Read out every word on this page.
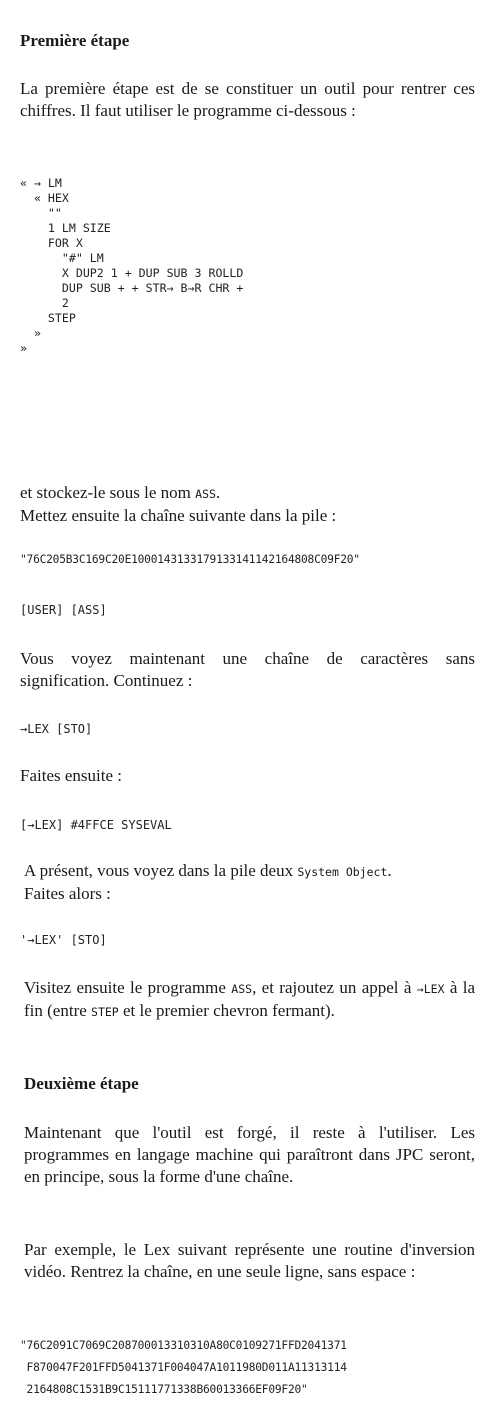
Première étape

La première étape est de se constituer un outil pour rentrer ces chiffres. Il faut utiliser le programme ci-dessous :

« → LM
« HEX
""
1 LM SIZE
FOR X
"#" LM
X DUP2 1 + DUP SUB 3 ROLLD
DUP SUB + + STR→ B→R CHR +
2
STEP
»
»

et stockez-le sous le nom ASS.
Mettez ensuite la chaîne suivante dans la pile :

"76C205B3C169C20E1000143133179133141142164808C09F20"
[USER] [ASS]

Vous voyez maintenant une chaîne de caractères sans signification. Continuez :

→LEX [STO]

Faites ensuite :

[→LEX] #4FFCE SYSEVAL

A présent, vous voyez dans la pile deux System Object.
Faites alors :

'→LEX' [STO]

Visitez ensuite le programme ASS, et rajoutez un appel à →LEX à la fin (entre STEP et le premier chevron fermant).

Deuxième étape

Maintenant que l'outil est forgé, il reste à l'utiliser. Les programmes en langage machine qui paraîtront dans JPC seront, en principe, sous la forme d'une chaîne.

Par exemple, le Lex suivant représente une routine d'inversion vidéo. Rentrez la chaîne, en une seule ligne, sans espace :

"76C2091C7069C208700013310310A80C0109271FFD2041371
F870047F201FFD5041371F004047A1011980D011A11313114
2164808C1531B9C15111771338B60013366EF09F20"
